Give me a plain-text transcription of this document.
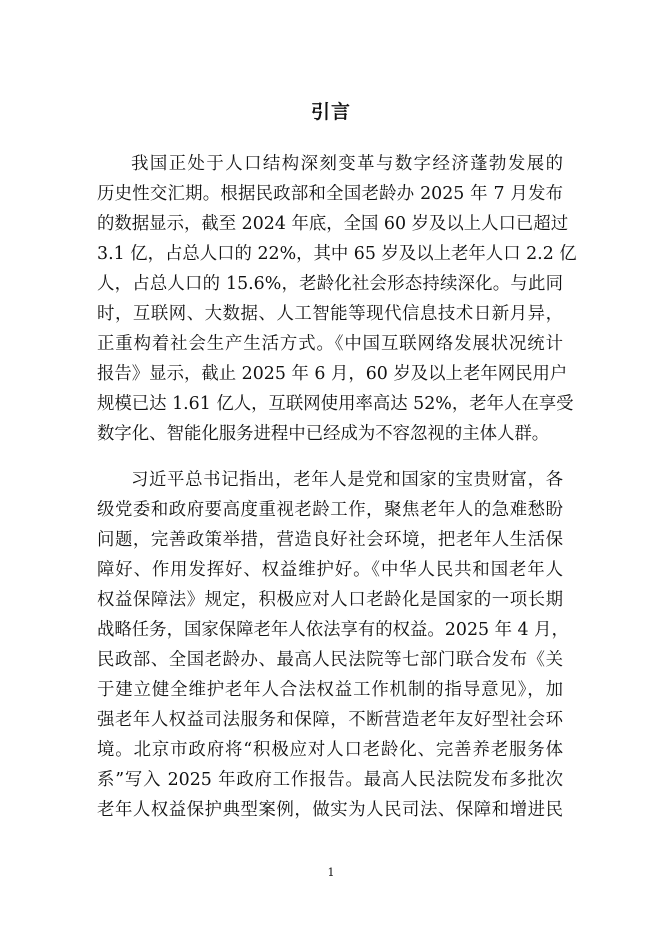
引言
我国正处于人口结构深刻变革与数字经济蓬勃发展的
历史性交汇期。根据民政部和全国老龄办 2025 年 7 月发布
的数据显示，截至 2024 年底，全国 60 岁及以上人口已超过
3.1 亿，占总人口的 22%，其中 65 岁及以上老年人口 2.2 亿
人，占总人口的 15.6%，老龄化社会形态持续深化。与此同
时，互联网、大数据、人工智能等现代信息技术日新月异，
正重构着社会生产生活方式。《中国互联网络发展状况统计
报告》显示，截止 2025 年 6 月，60 岁及以上老年网民用户
规模已达 1.61 亿人，互联网使用率高达 52%，老年人在享受
数字化、智能化服务进程中已经成为不容忽视的主体人群。
习近平总书记指出，老年人是党和国家的宝贵财富，各
级党委和政府要高度重视老龄工作，聚焦老年人的急难愁盼
问题，完善政策举措，营造良好社会环境，把老年人生活保
障好、作用发挥好、权益维护好。《中华人民共和国老年人
权益保障法》规定，积极应对人口老龄化是国家的一项长期
战略任务，国家保障老年人依法享有的权益。2025 年 4 月，
民政部、全国老龄办、最高人民法院等七部门联合发布《关
于建立健全维护老年人合法权益工作机制的指导意见》，加
强老年人权益司法服务和保障，不断营造老年友好型社会环
境。北京市政府将“积极应对人口老龄化、完善养老服务体
系”写入 2025 年政府工作报告。最高人民法院发布多批次
老年人权益保护典型案例，做实为人民司法、保障和增进民
1
